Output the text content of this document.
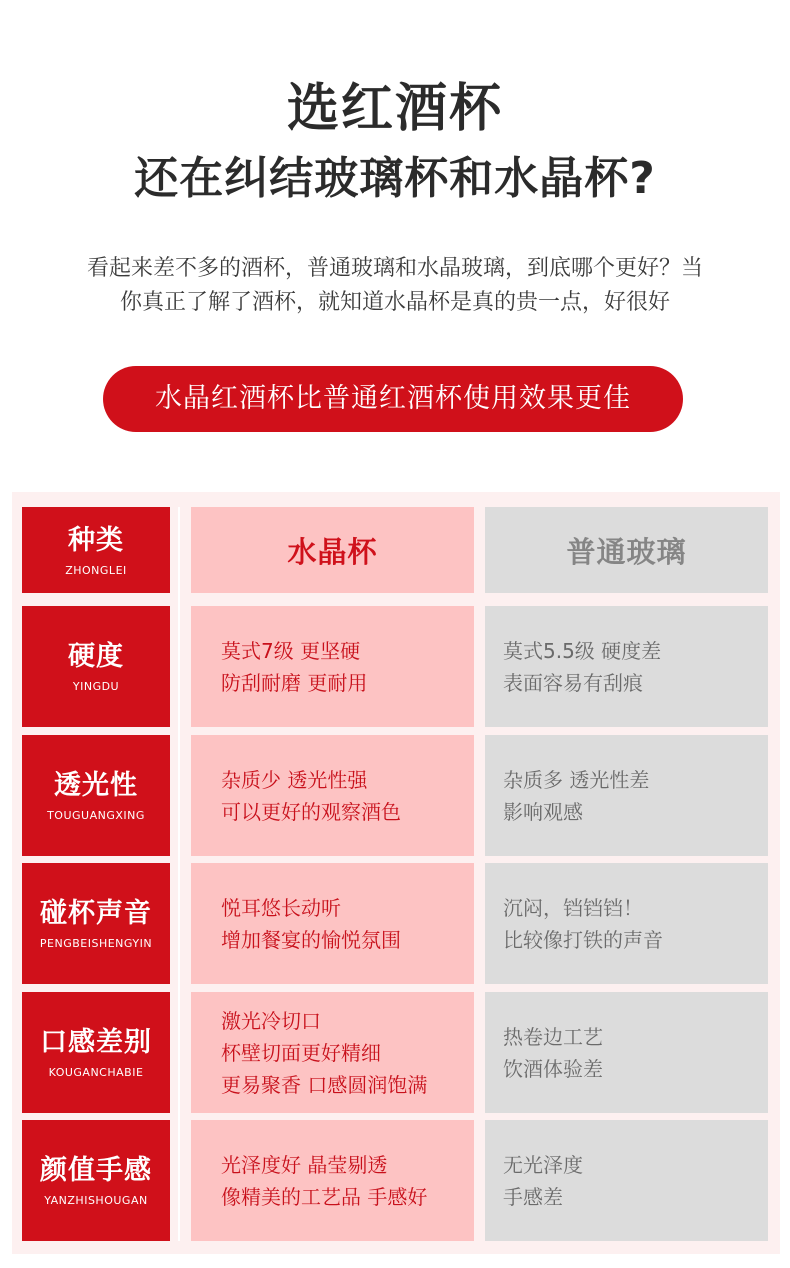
选红酒杯
还在纠结玻璃杯和水晶杯?
看起来差不多的酒杯，普通玻璃和水晶玻璃，到底哪个更好？当
你真正了解了酒杯，就知道水晶杯是真的贵一点，好很好
水晶红酒杯比普通红酒杯使用效果更佳
种类
ZHONGLEI
水晶杯	普通玻璃
硬度
YINGDU
莫式7级 更坚硬
防刮耐磨 更耐用
莫式5.5级 硬度差
表面容易有刮痕
透光性
TOUGUANGXING
杂质少 透光性强
可以更好的观察酒色
杂质多 透光性差
影响观感
碰杯声音
PENGBEISHENGYIN
悦耳悠长动听
增加餐宴的愉悦氛围
沉闷，铛铛铛！
比较像打铁的声音
口感差别
KOUGANCHABIE
激光冷切口
杯壁切面更好精细
更易聚香 口感圆润饱满
热卷边工艺
饮酒体验差
颜值手感
YANZHISHOUGAN
光泽度好 晶莹剔透
像精美的工艺品 手感好
无光泽度
手感差
